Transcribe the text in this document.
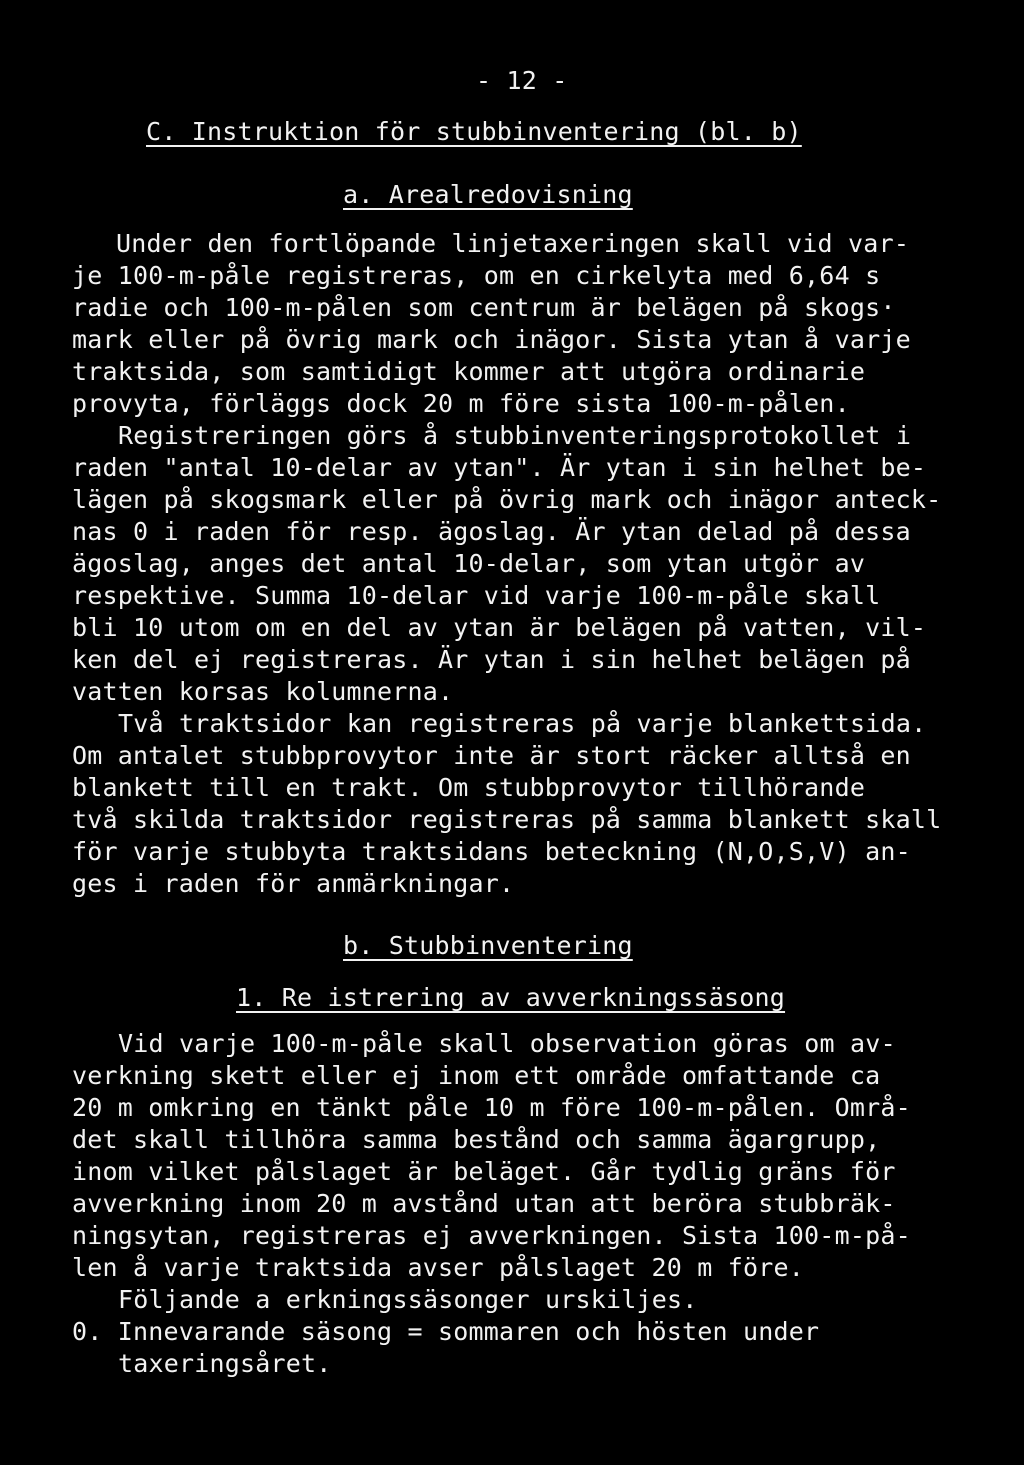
- 12 -
C. Instruktion för stubbinventering (bl. b)
a. Arealredovisning
Under den fortlöpande linjetaxeringen skall vid var-
je 100-m-påle registreras, om en cirkelyta med 6,64 s
radie och 100-m-pålen som centrum är belägen på skogs·
mark eller på övrig mark och inägor. Sista ytan å varje
traktsida, som samtidigt kommer att utgöra ordinarie
provyta, förläggs dock 20 m före sista 100-m-pålen.
Registreringen görs å stubbinventeringsprotokollet i
raden "antal 10-delar av ytan". Är ytan i sin helhet be-
lägen på skogsmark eller på övrig mark och inägor anteck-
nas 0 i raden för resp. ägoslag. Är ytan delad på dessa
ägoslag, anges det antal 10-delar, som ytan utgör av
respektive. Summa 10-delar vid varje 100-m-påle skall
bli 10 utom om en del av ytan är belägen på vatten, vil-
ken del ej registreras. Är ytan i sin helhet belägen på
vatten korsas kolumnerna.
Två traktsidor kan registreras på varje blankettsida.
Om antalet stubbprovytor inte är stort räcker alltså en
blankett till en trakt. Om stubbprovytor tillhörande
två skilda traktsidor registreras på samma blankett skall
för varje stubbyta traktsidans beteckning (N,O,S,V) an-
ges i raden för anmärkningar.
b. Stubbinventering
1. Re istrering av avverkningssäsong
Vid varje 100-m-påle skall observation göras om av-
verkning skett eller ej inom ett område omfattande ca
20 m omkring en tänkt påle 10 m före 100-m-pålen. Områ-
det skall tillhöra samma bestånd och samma ägargrupp,
inom vilket pålslaget är beläget. Går tydlig gräns för
avverkning inom 20 m avstånd utan att beröra stubbräk-
ningsytan, registreras ej avverkningen. Sista 100-m-på-
len å varje traktsida avser pålslaget 20 m före.
Följande a erkningssäsonger urskiljes.
0. Innevarande säsong = sommaren och hösten under
taxeringsåret.
